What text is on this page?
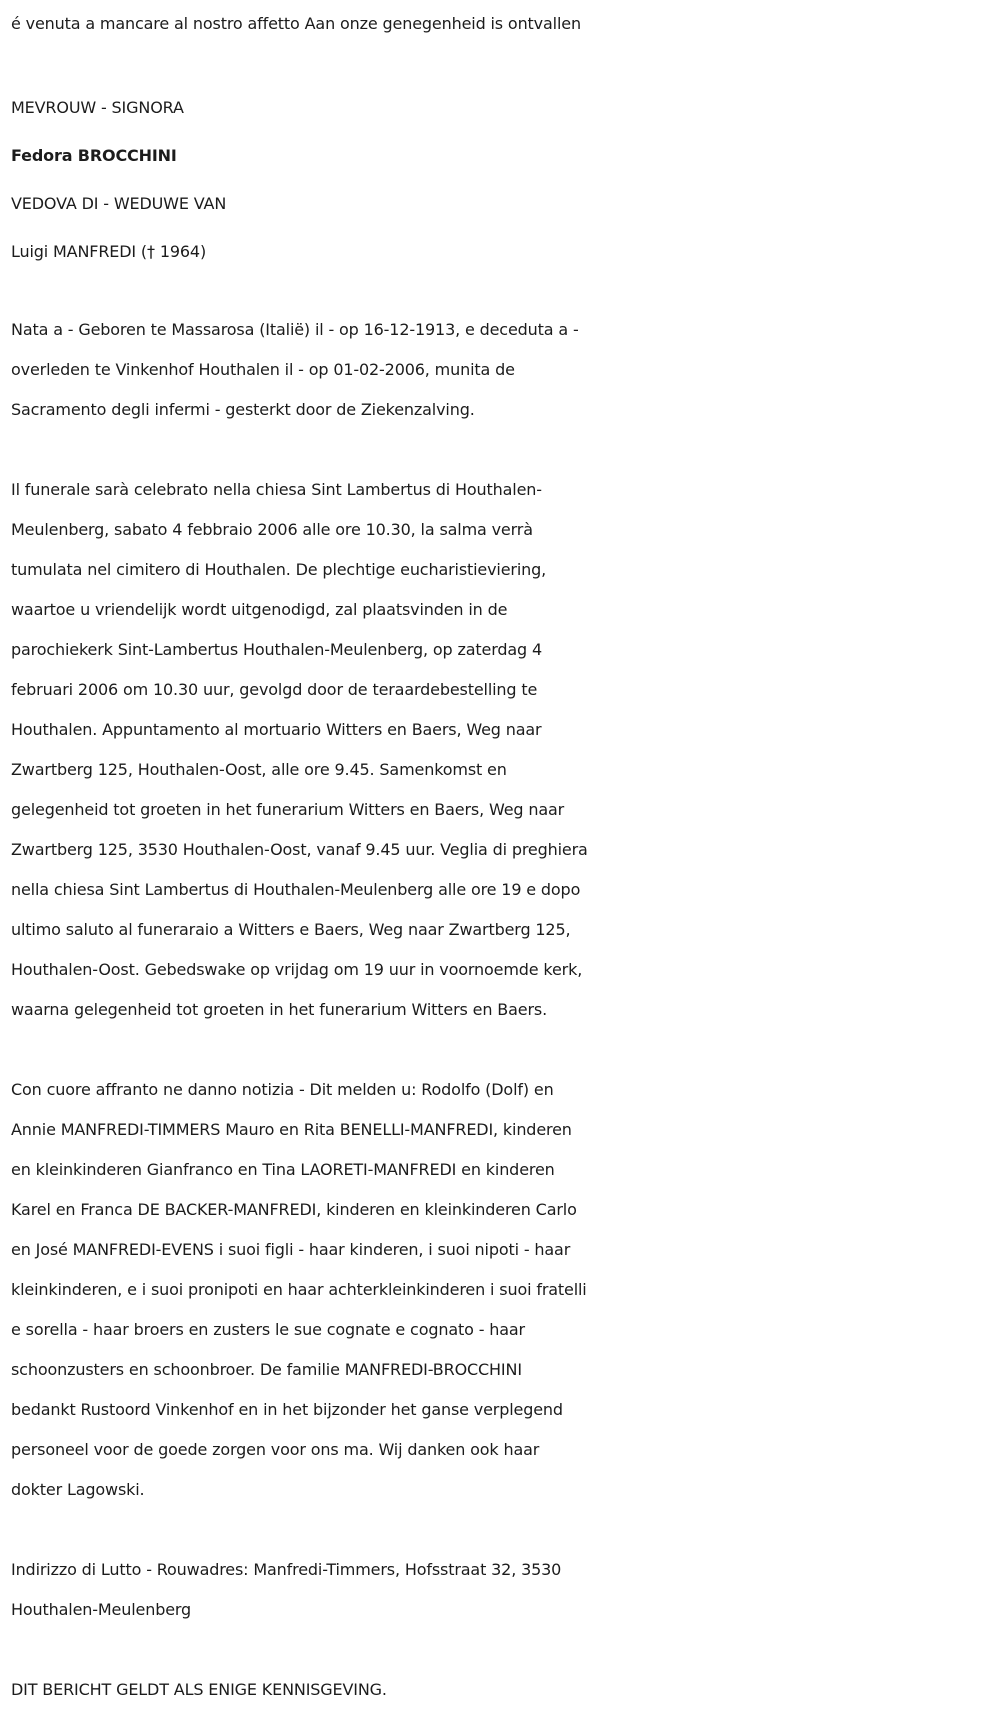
é venuta a mancare al nostro affetto Aan onze genegenheid is ontvallen

MEVROUW - SIGNORA

Fedora BROCCHINI

VEDOVA DI - WEDUWE VAN

Luigi MANFREDI († 1964)

Nata a - Geboren te Massarosa (Italië) il - op 16-12-1913, e deceduta a -

overleden te Vinkenhof Houthalen il - op 01-02-2006, munita de

Sacramento degli infermi - gesterkt door de Ziekenzalving.

Il funerale sarà celebrato nella chiesa Sint Lambertus di Houthalen-

Meulenberg, sabato 4 febbraio 2006 alle ore 10.30, la salma verrà

tumulata nel cimitero di Houthalen. De plechtige eucharistieviering,

waartoe u vriendelijk wordt uitgenodigd, zal plaatsvinden in de

parochiekerk Sint-Lambertus Houthalen-Meulenberg, op zaterdag 4

februari 2006 om 10.30 uur, gevolgd door de teraardebestelling te

Houthalen. Appuntamento al mortuario Witters en Baers, Weg naar

Zwartberg 125, Houthalen-Oost, alle ore 9.45. Samenkomst en

gelegenheid tot groeten in het funerarium Witters en Baers, Weg naar

Zwartberg 125, 3530 Houthalen-Oost, vanaf 9.45 uur. Veglia di preghiera

nella chiesa Sint Lambertus di Houthalen-Meulenberg alle ore 19 e dopo

ultimo saluto al funeraraio a Witters e Baers, Weg naar Zwartberg 125,

Houthalen-Oost. Gebedswake op vrijdag om 19 uur in voornoemde kerk,

waarna gelegenheid tot groeten in het funerarium Witters en Baers.

Con cuore affranto ne danno notizia - Dit melden u: Rodolfo (Dolf) en

Annie MANFREDI-TIMMERS Mauro en Rita BENELLI-MANFREDI, kinderen

en kleinkinderen Gianfranco en Tina LAORETI-MANFREDI en kinderen

Karel en Franca DE BACKER-MANFREDI, kinderen en kleinkinderen Carlo

en José MANFREDI-EVENS i suoi figli - haar kinderen, i suoi nipoti - haar

kleinkinderen, e i suoi pronipoti en haar achterkleinkinderen i suoi fratelli

e sorella - haar broers en zusters le sue cognate e cognato - haar

schoonzusters en schoonbroer. De familie MANFREDI-BROCCHINI

bedankt Rustoord Vinkenhof en in het bijzonder het ganse verplegend

personeel voor de goede zorgen voor ons ma. Wij danken ook haar

dokter Lagowski.

Indirizzo di Lutto - Rouwadres: Manfredi-Timmers, Hofsstraat 32, 3530

Houthalen-Meulenberg

DIT BERICHT GELDT ALS ENIGE KENNISGEVING.
